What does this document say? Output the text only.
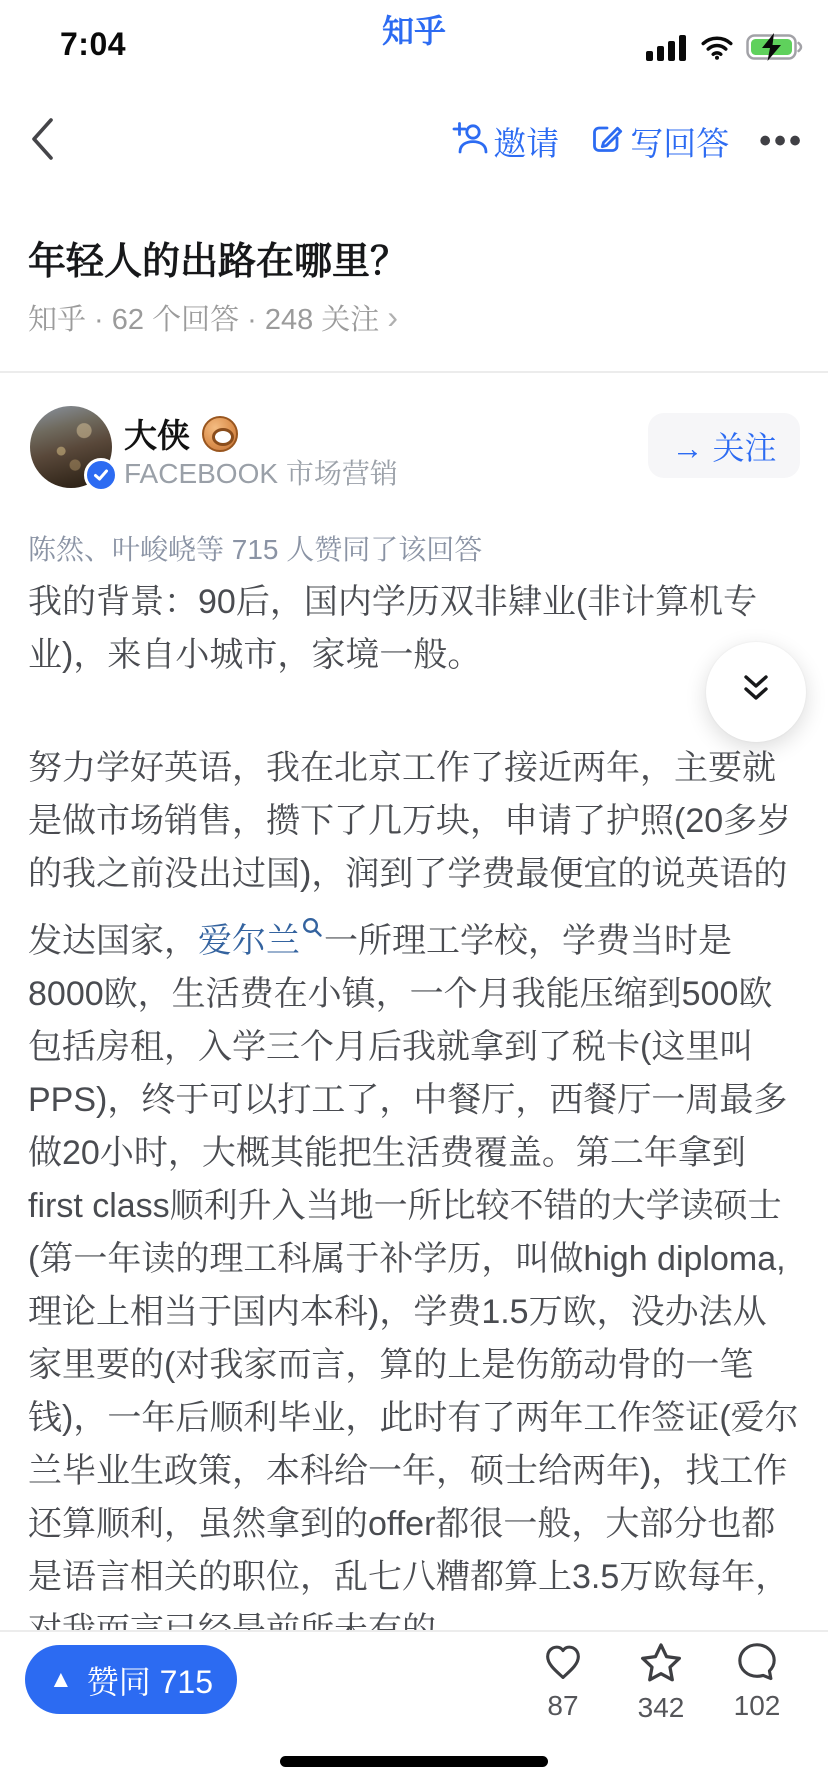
7:04	知乎
邀请 写回答 •••
年轻人的出路在哪里？
知乎 · 62 个回答 · 248 关注 ›
大侠
FACEBOOK 市场营销
→ 关注
陈然、叶峻峣等 715 人赞同了该回答

我的背景：90后，国内学历双非肄业(非计算机专业)，来自小城市，家境一般。

努力学好英语，我在北京工作了接近两年，主要就是做市场销售，攒下了几万块，申请了护照(20多岁的我之前没出过国)，润到了学费最便宜的说英语的发达国家，爱尔兰 一所理工学校，学费当时是8000欧，生活费在小镇，一个月我能压缩到500欧包括房租，入学三个月后我就拿到了税卡(这里叫PPS)，终于可以打工了，中餐厅，西餐厅一周最多做20小时，大概其能把生活费覆盖。第二年拿到first class顺利升入当地一所比较不错的大学读硕士(第一年读的理工科属于补学历，叫做high diploma,理论上相当于国内本科)，学费1.5万欧，没办法从家里要的(对我家而言，算的上是伤筋动骨的一笔钱)，一年后顺利毕业，此时有了两年工作签证(爱尔兰毕业生政策，本科给一年，硕士给两年)，找工作还算顺利，虽然拿到的offer都很一般，大部分也都是语言相关的职位，乱七八糟都算上3.5万欧每年，

▲ 赞同 715
87 342 102
